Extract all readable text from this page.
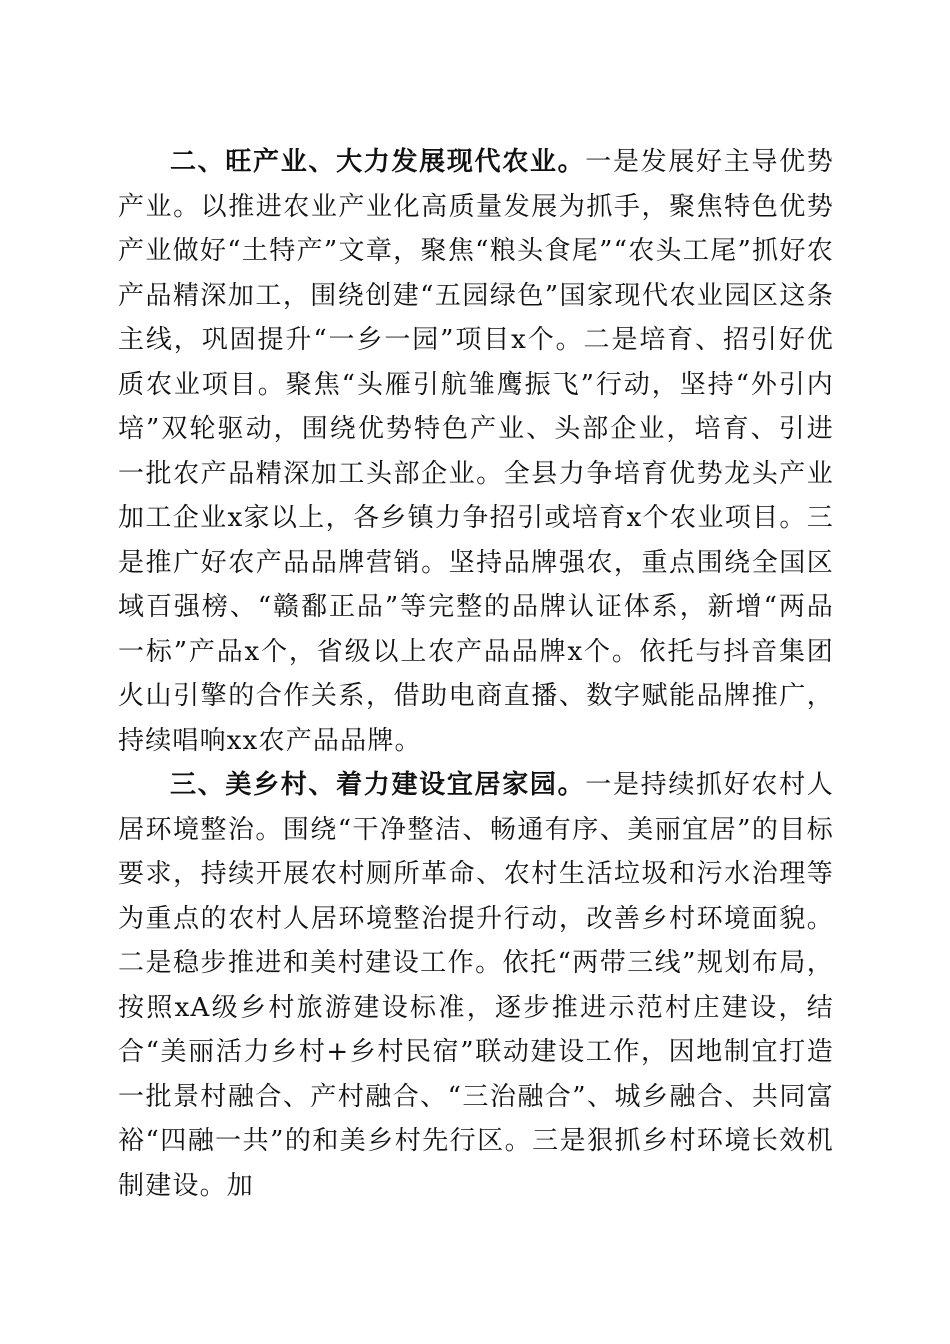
二、旺产业、大力发展现代农业。一是发展好主导优势产业。以推进农业产业化高质量发展为抓手，聚焦特色优势产业做好“土特产”文章，聚焦“粮头食尾”“农头工尾”抓好农产品精深加工，围绕创建“五园绿色”国家现代农业园区这条主线，巩固提升“一乡一园”项目x个。二是培育、招引好优质农业项目。聚焦“头雁引航雏鹰振飞”行动，坚持“外引内培”双轮驱动，围绕优势特色产业、头部企业，培育、引进一批农产品精深加工头部企业。全县力争培育优势龙头产业加工企业x家以上，各乡镇力争招引或培育x个农业项目。三是推广好农产品品牌营销。坚持品牌强农，重点围绕全国区域百强榜、“赣鄱正品”等完整的品牌认证体系，新增“两品一标”产品x个，省级以上农产品品牌x个。依托与抖音集团火山引擎的合作关系，借助电商直播、数字赋能品牌推广，持续唱响xx农产品品牌。

三、美乡村、着力建设宜居家园。一是持续抓好农村人居环境整治。围绕“干净整洁、畅通有序、美丽宜居”的目标要求，持续开展农村厕所革命、农村生活垃圾和污水治理等为重点的农村人居环境整治提升行动，改善乡村环境面貌。二是稳步推进和美村建设工作。依托“两带三线”规划布局，按照xA级乡村旅游建设标准，逐步推进示范村庄建设，结合“美丽活力乡村+乡村民宿”联动建设工作，因地制宜打造一批景村融合、产村融合、“三治融合”、城乡融合、共同富裕“四融一共”的和美乡村先行区。三是狠抓乡村环境长效机制建设。加
